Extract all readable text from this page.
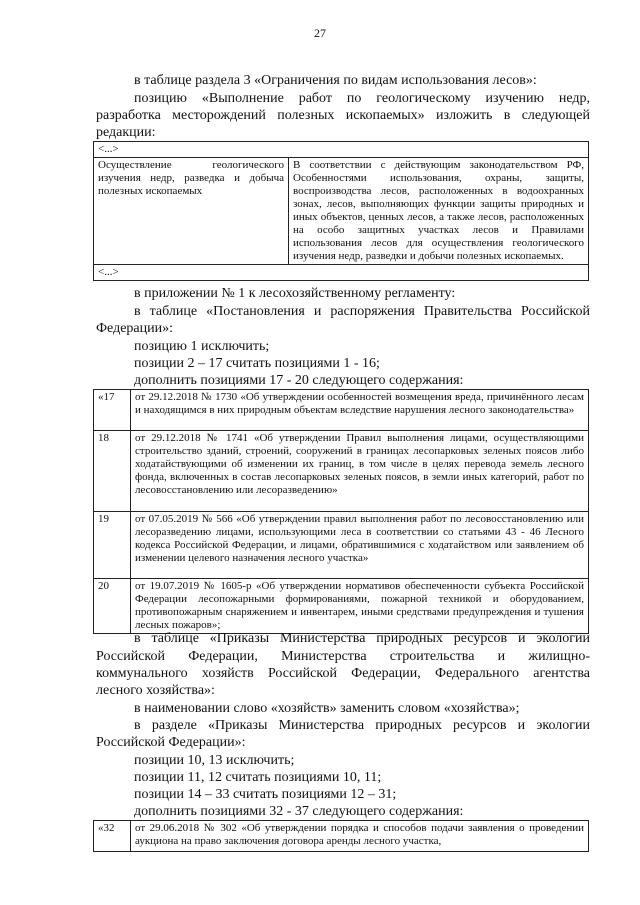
27

в таблице раздела 3 «Ограничения по видам использования лесов»:

позицию «Выполнение работ по геологическому изучению недр,

разработка месторождений полезных ископаемых» изложить в следующей

редакции:

<...>
Осуществление геологического изучения недр, разведка и добыча полезных ископаемых	В соответствии с действующим законодательством РФ, Особенностями использования, охраны, защиты, воспроизводства лесов, расположенных в водоохранных зонах, лесов, выполняющих функции защиты природных и иных объектов, ценных лесов, а также лесов, расположенных на особо защитных участках лесов и Правилами использования лесов для осуществления геологического изучения недр, разведки и добычи полезных ископаемых.
<...>

в приложении № 1 к лесохозяйственному регламенту:

в таблице «Постановления и распоряжения Правительства Российской

Федерации»:

позицию 1 исключить;

позиции 2 – 17 считать позициями 1 - 16;

дополнить позициями 17 - 20 следующего содержания:

«17	от 29.12.2018 № 1730 «Об утверждении особенностей возмещения вреда, причинённого лесам и находящимся в них природным объектам вследствие нарушения лесного законодательства»
18	от 29.12.2018 № 1741 «Об утверждении Правил выполнения лицами, осуществляющими строительство зданий, строений, сооружений в границах лесопарковых зеленых поясов либо ходатайствующими об изменении их границ, в том числе в целях перевода земель лесного фонда, включенных в состав лесопарковых зеленых поясов, в земли иных категорий, работ по лесовосстановлению или лесоразведению»
19	от 07.05.2019 № 566 «Об утверждении правил выполнения работ по лесовосстановлению или лесоразведению лицами, использующими леса в соответствии со статьями 43 - 46 Лесного кодекса Российской Федерации, и лицами, обратившимися с ходатайством или заявлением об изменении целевого назначения лесного участка»
20	от 19.07.2019 № 1605-р «Об утверждении нормативов обеспеченности субъекта Российской Федерации лесопожарными формированиями, пожарной техникой и оборудованием, противопожарным снаряжением и инвентарем, иными средствами предупреждения и тушения лесных пожаров»;

в таблице «Приказы Министерства природных ресурсов и экологии

Российской Федерации, Министерства строительства и жилищно-

коммунального хозяйств Российской Федерации, Федерального агентства

лесного хозяйства»:

в наименовании слово «хозяйств» заменить словом «хозяйства»;

в разделе «Приказы Министерства природных ресурсов и экологии

Российской Федерации»:

позиции 10, 13 исключить;

позиции 11, 12 считать позициями 10, 11;

позиции 14 – 33 считать позициями 12 – 31;

дополнить позициями 32 - 37 следующего содержания:

«32	от 29.06.2018 № 302 «Об утверждении порядка и способов подачи заявления о проведении аукциона на право заключения договора аренды лесного участка,
